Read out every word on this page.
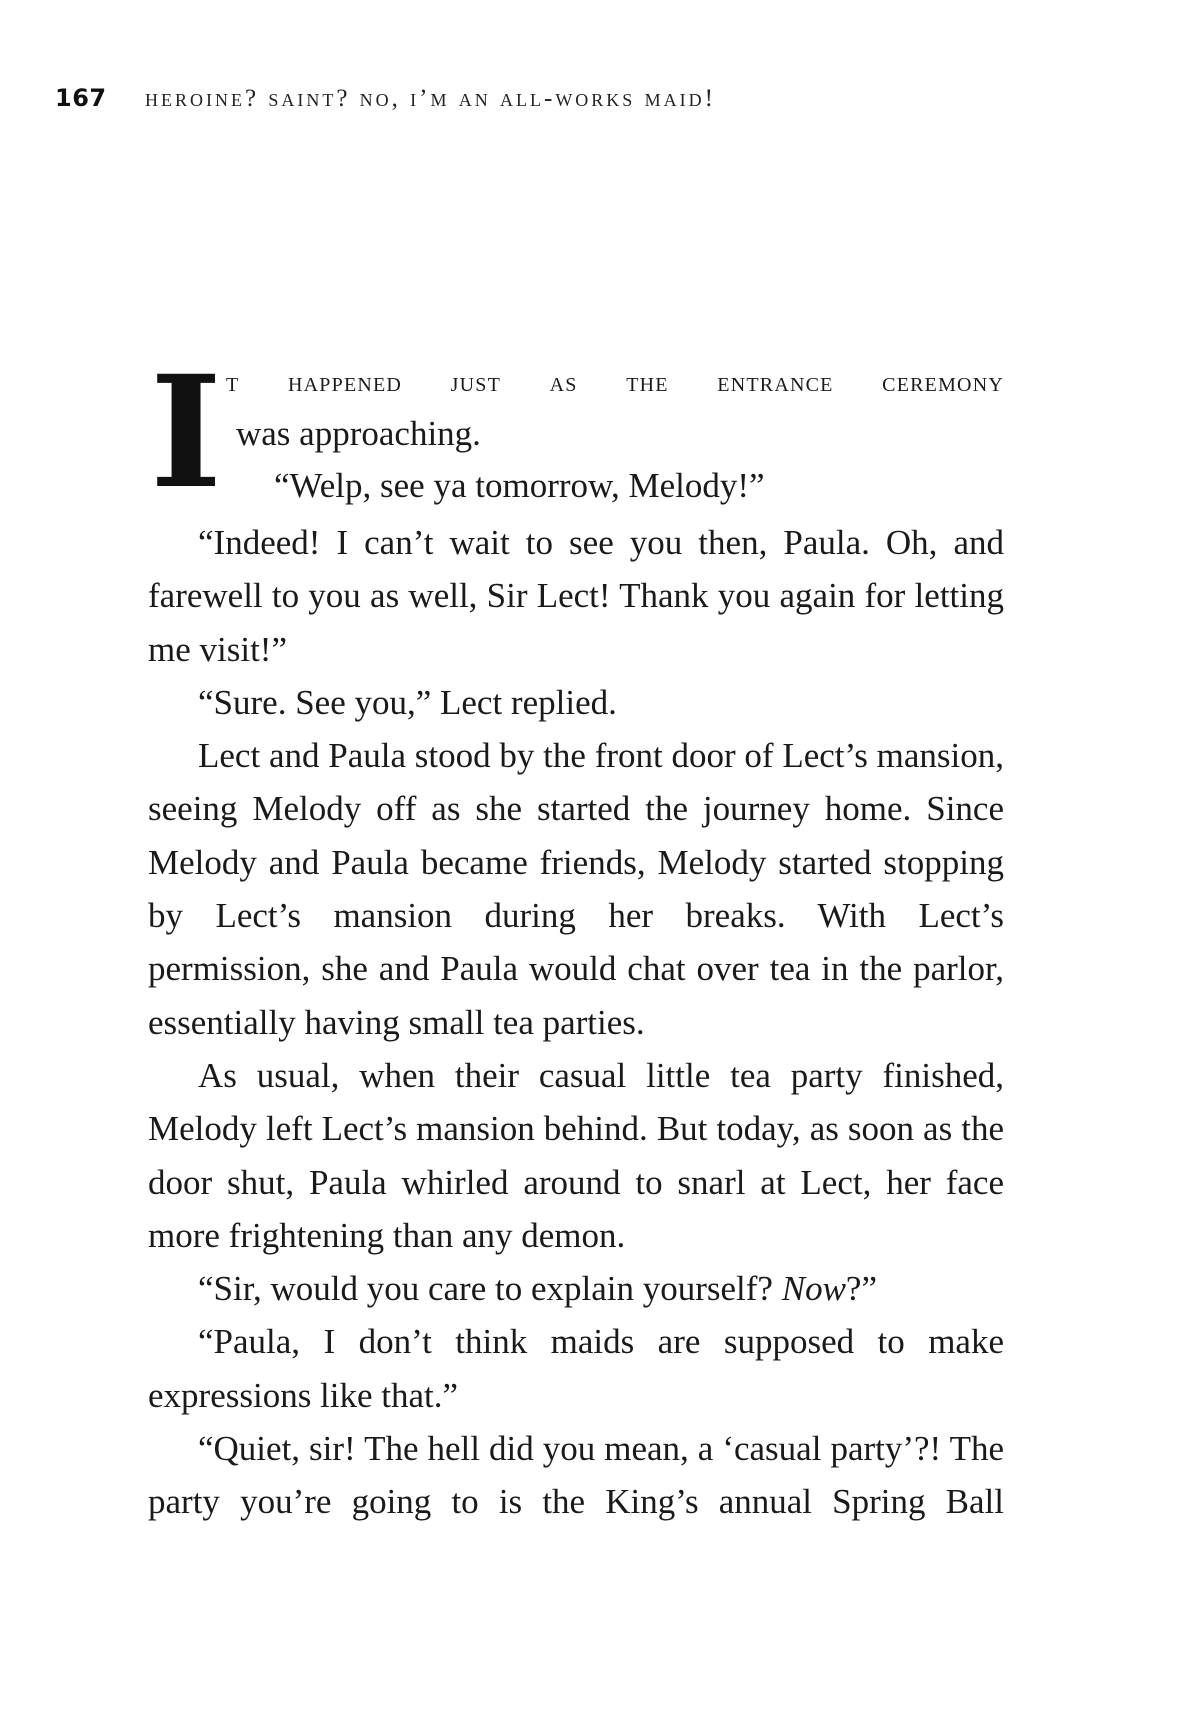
167	heroine? saint? no, i’m an all-works maid!
I t happened just as the entrance ceremony
was approaching.
“Welp, see ya tomorrow, Melody!”

“Indeed! I can’t wait to see you then, Paula. Oh, and farewell to you as well, Sir Lect! Thank you again for letting me visit!”

“Sure. See you,” Lect replied.

Lect and Paula stood by the front door of Lect’s mansion, seeing Melody off as she started the journey home. Since Melody and Paula became friends, Melody started stopping by Lect’s mansion during her breaks. With Lect’s permission, she and Paula would chat over tea in the parlor, essentially having small tea parties.

As usual, when their casual little tea party finished, Melody left Lect’s mansion behind. But today, as soon as the door shut, Paula whirled around to snarl at Lect, her face more frightening than any demon.

“Sir, would you care to explain yourself? Now?”

“Paula, I don’t think maids are supposed to make expressions like that.”

“Quiet, sir! The hell did you mean, a ‘casual party’?! The party you’re going to is the King’s annual Spring Ball
